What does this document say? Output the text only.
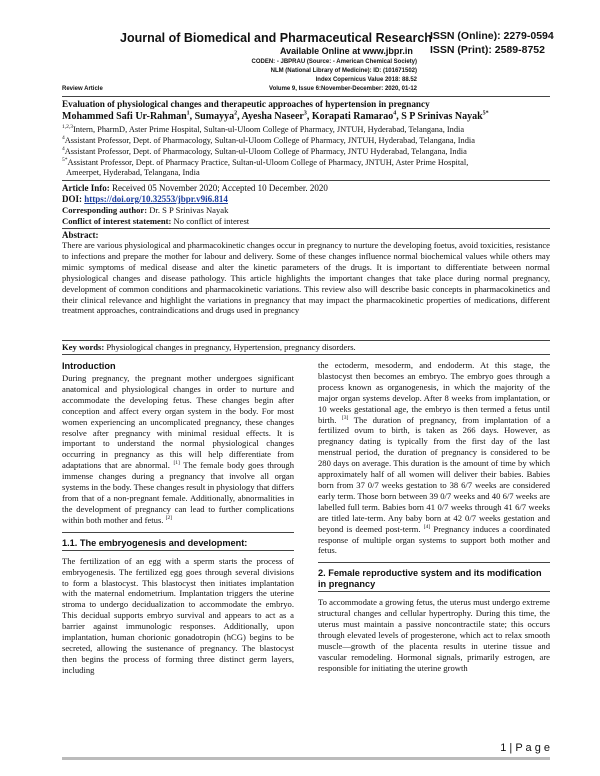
Journal of Biomedical and Pharmaceutical Research
ISSN (Online): 2279-0594
ISSN (Print): 2589-8752
Available Online at www.jbpr.in
CODEN: - JBPRAU (Source: - American Chemical Society)
NLM (National Library of Medicine): ID: (101671502)
Index Copernicus Value 2018: 88.52
Volume 9, Issue 6:November-December: 2020, 01-12
Review Article
Evaluation of physiological changes and therapeutic approaches of hypertension in pregnancy
Mohammed Safi Ur-Rahman$^1$, Sumayya$^2$, Ayesha Naseer$^3$, Korapati Ramarao$^4$, S P Srinivas Nayak$^{5*}$
$^{1,2,3}$Intern, PharmD, Aster Prime Hospital, Sultan-ul-Uloom College of Pharmacy, JNTUH, Hyderabad, Telangana, India
$^4$Assistant Professor, Dept. of Pharmacology, Sultan-ul-Uloom College of Pharmacy, JNTUH, Hyderabad, Telangana, India
$^4$Assistant Professor, Dept. of Pharmacology, Sultan-ul-Uloom College of Pharmacy, JNTU Hyderabad, Telangana, India
$^{5*}$Assistant Professor, Dept. of Pharmacy Practice, Sultan-ul-Uloom College of Pharmacy, JNTUH, Aster Prime Hospital,
Ameerpet, Hyderabad, Telangana, India
Article Info: Received 05 November 2020; Accepted 10 December. 2020
DOI: https://doi.org/10.32553/jbpr.v9i6.814
Corresponding author: Dr. S P Srinivas Nayak
Conflict of interest statement: No conflict of interest
Abstract:
There are various physiological and pharmacokinetic changes occur in pregnancy to nurture the developing foetus, avoid toxicities, resistance to infections and prepare the mother for labour and delivery. Some of these changes influence normal biochemical values while others may mimic symptoms of medical disease and alter the kinetic parameters of the drugs. It is important to differentiate between normal physiological changes and disease pathology. This article highlights the important changes that take place during normal pregnancy, development of common conditions and pharmacokinetic variations. This review also will describe basic concepts in pharmacokinetics and their clinical relevance and highlight the variations in pregnancy that may impact the pharmacokinetic properties of medications, different treatment approaches, contraindications and drugs used in pregnancy
Key words: Physiological changes in pregnancy, Hypertension, pregnancy disorders.
Introduction

During pregnancy, the pregnant mother undergoes significant anatomical and physiological changes in order to nurture and accommodate the developing fetus. These changes begin after conception and affect every organ system in the body. For most women experiencing an uncomplicated pregnancy, these changes resolve after pregnancy with minimal residual effects. It is important to understand the normal physiological changes occurring in pregnancy as this will help differentiate from adaptations that are abnormal. [1] The female body goes through immense changes during a pregnancy that involve all organ systems in the body. These changes result in physiology that differs from that of a non-pregnant female. Additionally, abnormalities in the development of pregnancy can lead to further complications within both mother and fetus. [2]

1.1. The embryogenesis and development:

The fertilization of an egg with a sperm starts the process of embryogenesis. The fertilized egg goes through several divisions to form a blastocyst. This blastocyst then initiates implantation with the maternal endometrium. Implantation triggers the uterine stroma to undergo decidualization to accommodate the embryo. This decidual supports embryo survival and appears to act as a barrier against immunologic responses. Additionally, upon implantation, human chorionic gonadotropin (hCG) begins to be secreted, allowing the sustenance of pregnancy. The blastocyst then begins the process of forming three distinct germ layers, including

the ectoderm, mesoderm, and endoderm. At this stage, the blastocyst then becomes an embryo. The embryo goes through a process known as organogenesis, in which the majority of the major organ systems develop. After 8 weeks from implantation, or 10 weeks gestational age, the embryo is then termed a fetus until birth. [3] The duration of pregnancy, from implantation of a fertilized ovum to birth, is taken as 266 days. However, as pregnancy dating is typically from the first day of the last menstrual period, the duration of pregnancy is considered to be 280 days on average. This duration is the amount of time by which approximately half of all women will deliver their babies. Babies born from 37 0/7 weeks gestation to 38 6/7 weeks are considered early term. Those born between 39 0/7 weeks and 40 6/7 weeks are labelled full term. Babies born 41 0/7 weeks through 41 6/7 weeks are titled late-term. Any baby born at 42 0/7 weeks gestation and beyond is deemed post-term. [4] Pregnancy induces a coordinated response of multiple organ systems to support both mother and fetus.

2. Female reproductive system and its modification in pregnancy

To accommodate a growing fetus, the uterus must undergo extreme structural changes and cellular hypertrophy. During this time, the uterus must maintain a passive noncontractile state; this occurs through elevated levels of progesterone, which act to relax smooth muscle—growth of the placenta results in uterine tissue and vascular remodeling. Hormonal signals, primarily estrogen, are responsible for initiating the uterine growth

1 | P a g e
